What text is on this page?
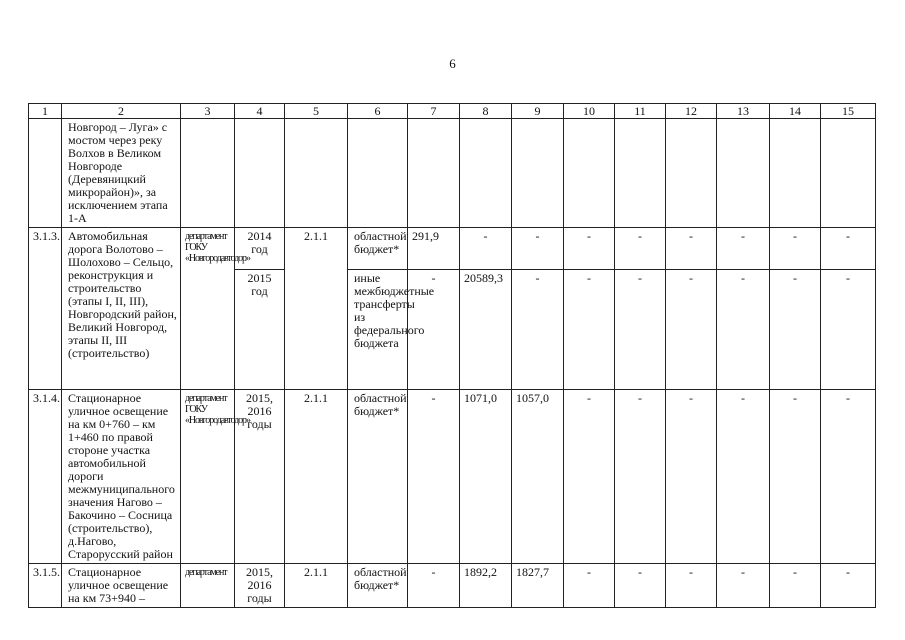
6
1	2	3	4	5	6	7	8	9	10	11	12	13	14	15
	Новгород – Луга» с мостом через реку Волхов в Великом Новгороде (Деревяницкий микрорайон)», за исключением этапа 1-А													
3.1.3.	Автомобильная дорога Волотово – Шолохово – Сельцо, реконструкция и строительство (этапы I, II, III), Новгородский район, Великий Новгород, этапы II, III (строительство)	департамент ГОКУ «Новгородавтодор»	2014 год	2.1.1	областной бюджет*	291,9	-	-	-	-	-	-	-	-
			2015 год		иные межбюджетные трансферты из федерального бюджета	-	20589,3	-	-	-	-	-	-	-
3.1.4.	Стационарное уличное освещение на км 0+760 – км 1+460 по правой стороне участка автомобильной дороги межмуниципального значения Нагово – Бакочино – Сосница (строительство), д.Нагово, Старорусский район	департамент ГОКУ «Новгородавтодор»	2015, 2016 годы	2.1.1	областной бюджет*	-	1071,0	1057,0	-	-	-	-	-	-
3.1.5.	Стационарное уличное освещение на км 73+940 –	департамент	2015, 2016 годы	2.1.1	областной бюджет*	-	1892,2	1827,7	-	-	-	-	-	-
